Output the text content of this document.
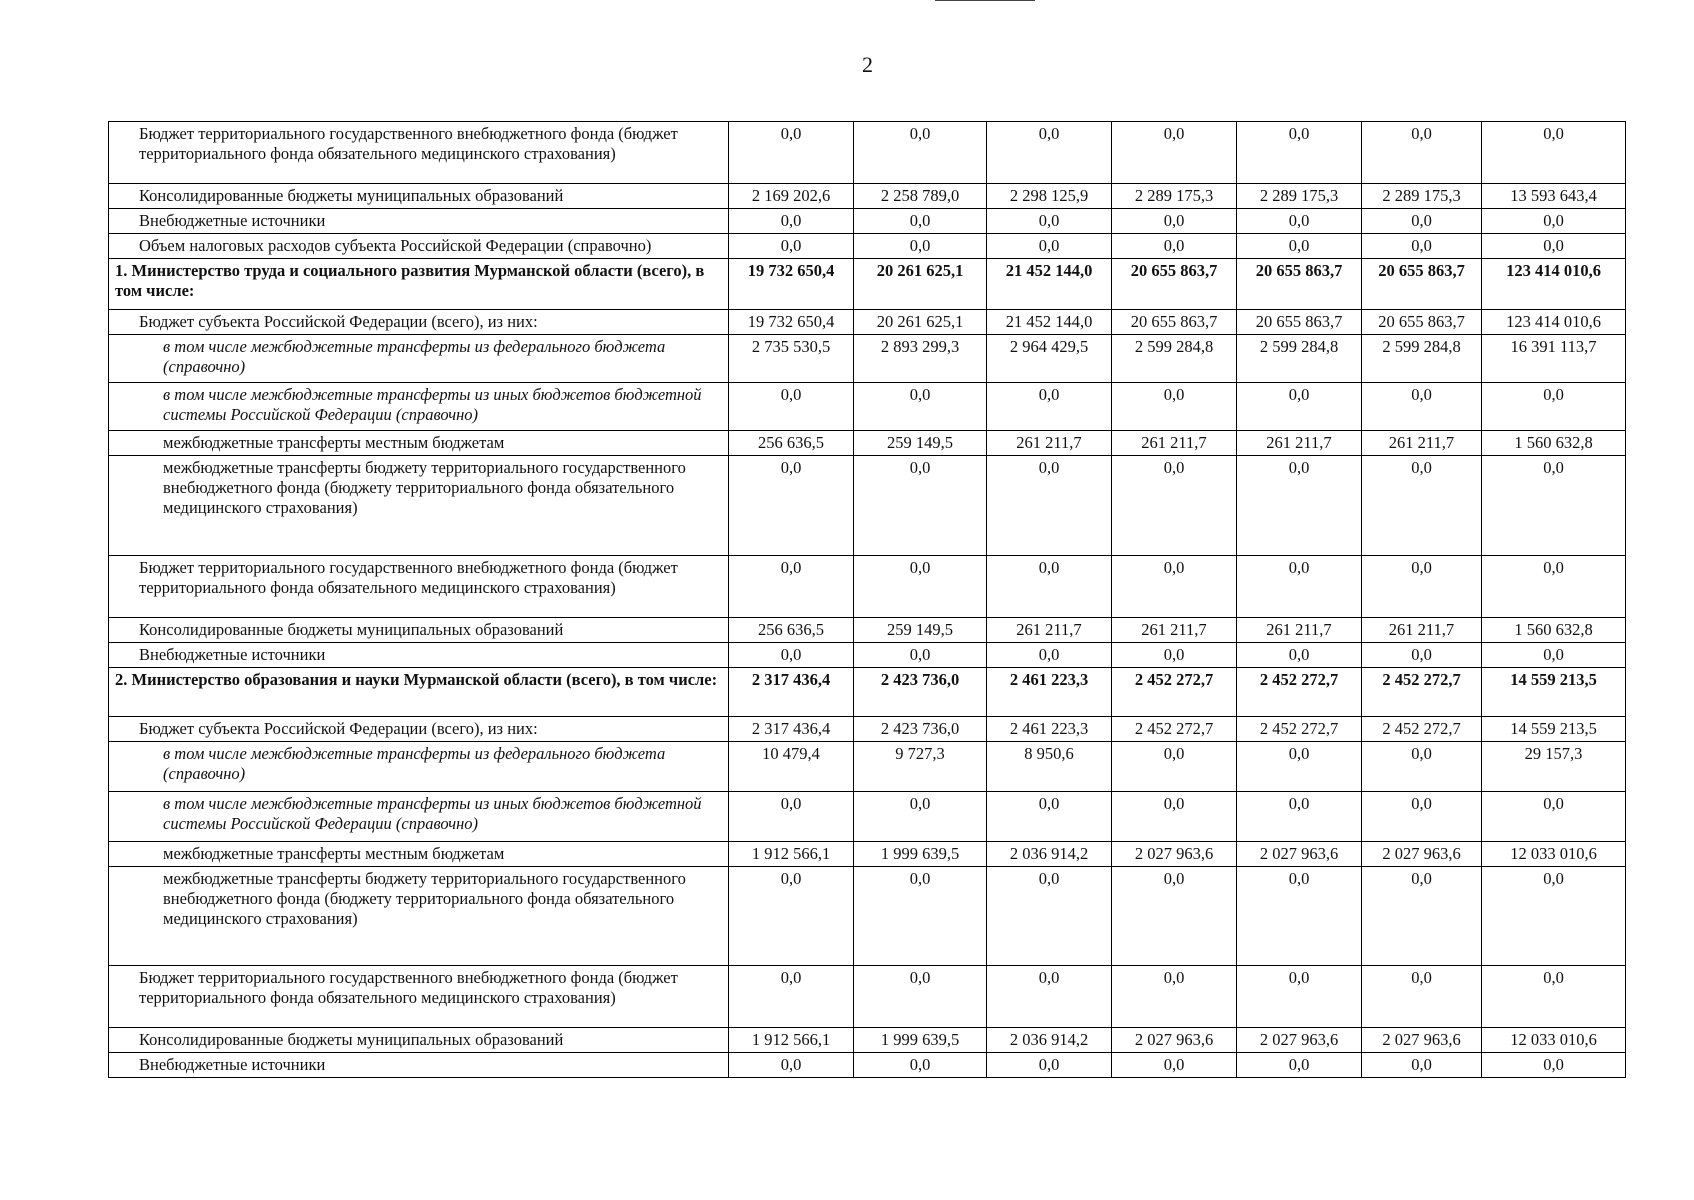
2
Бюджет территориального государственного внебюджетного фонда (бюджет территориального фонда обязательного медицинского страхования)	0,0	0,0	0,0	0,0	0,0	0,0	0,0
Консолидированные бюджеты муниципальных образований	2 169 202,6	2 258 789,0	2 298 125,9	2 289 175,3	2 289 175,3	2 289 175,3	13 593 643,4
Внебюджетные источники	0,0	0,0	0,0	0,0	0,0	0,0	0,0
Объем налоговых расходов субъекта Российской Федерации (справочно)	0,0	0,0	0,0	0,0	0,0	0,0	0,0
1. Министерство труда и социального развития Мурманской области (всего), в том числе:	19 732 650,4	20 261 625,1	21 452 144,0	20 655 863,7	20 655 863,7	20 655 863,7	123 414 010,6
Бюджет субъекта Российской Федерации (всего), из них:	19 732 650,4	20 261 625,1	21 452 144,0	20 655 863,7	20 655 863,7	20 655 863,7	123 414 010,6
в том числе межбюджетные трансферты из федерального бюджета (справочно)	2 735 530,5	2 893 299,3	2 964 429,5	2 599 284,8	2 599 284,8	2 599 284,8	16 391 113,7
в том числе межбюджетные трансферты из иных бюджетов бюджетной системы Российской Федерации (справочно)	0,0	0,0	0,0	0,0	0,0	0,0	0,0
межбюджетные трансферты местным бюджетам	256 636,5	259 149,5	261 211,7	261 211,7	261 211,7	261 211,7	1 560 632,8
межбюджетные трансферты бюджету территориального государственного внебюджетного фонда (бюджету территориального фонда обязательного медицинского страхования)	0,0	0,0	0,0	0,0	0,0	0,0	0,0
Бюджет территориального государственного внебюджетного фонда (бюджет территориального фонда обязательного медицинского страхования)	0,0	0,0	0,0	0,0	0,0	0,0	0,0
Консолидированные бюджеты муниципальных образований	256 636,5	259 149,5	261 211,7	261 211,7	261 211,7	261 211,7	1 560 632,8
Внебюджетные источники	0,0	0,0	0,0	0,0	0,0	0,0	0,0
2. Министерство образования и науки Мурманской области (всего), в том числе:	2 317 436,4	2 423 736,0	2 461 223,3	2 452 272,7	2 452 272,7	2 452 272,7	14 559 213,5
Бюджет субъекта Российской Федерации (всего), из них:	2 317 436,4	2 423 736,0	2 461 223,3	2 452 272,7	2 452 272,7	2 452 272,7	14 559 213,5
в том числе межбюджетные трансферты из федерального бюджета (справочно)	10 479,4	9 727,3	8 950,6	0,0	0,0	0,0	29 157,3
в том числе межбюджетные трансферты из иных бюджетов бюджетной системы Российской Федерации (справочно)	0,0	0,0	0,0	0,0	0,0	0,0	0,0
межбюджетные трансферты местным бюджетам	1 912 566,1	1 999 639,5	2 036 914,2	2 027 963,6	2 027 963,6	2 027 963,6	12 033 010,6
межбюджетные трансферты бюджету территориального государственного внебюджетного фонда (бюджету территориального фонда обязательного медицинского страхования)	0,0	0,0	0,0	0,0	0,0	0,0	0,0
Бюджет территориального государственного внебюджетного фонда (бюджет территориального фонда обязательного медицинского страхования)	0,0	0,0	0,0	0,0	0,0	0,0	0,0
Консолидированные бюджеты муниципальных образований	1 912 566,1	1 999 639,5	2 036 914,2	2 027 963,6	2 027 963,6	2 027 963,6	12 033 010,6
Внебюджетные источники	0,0	0,0	0,0	0,0	0,0	0,0	0,0
